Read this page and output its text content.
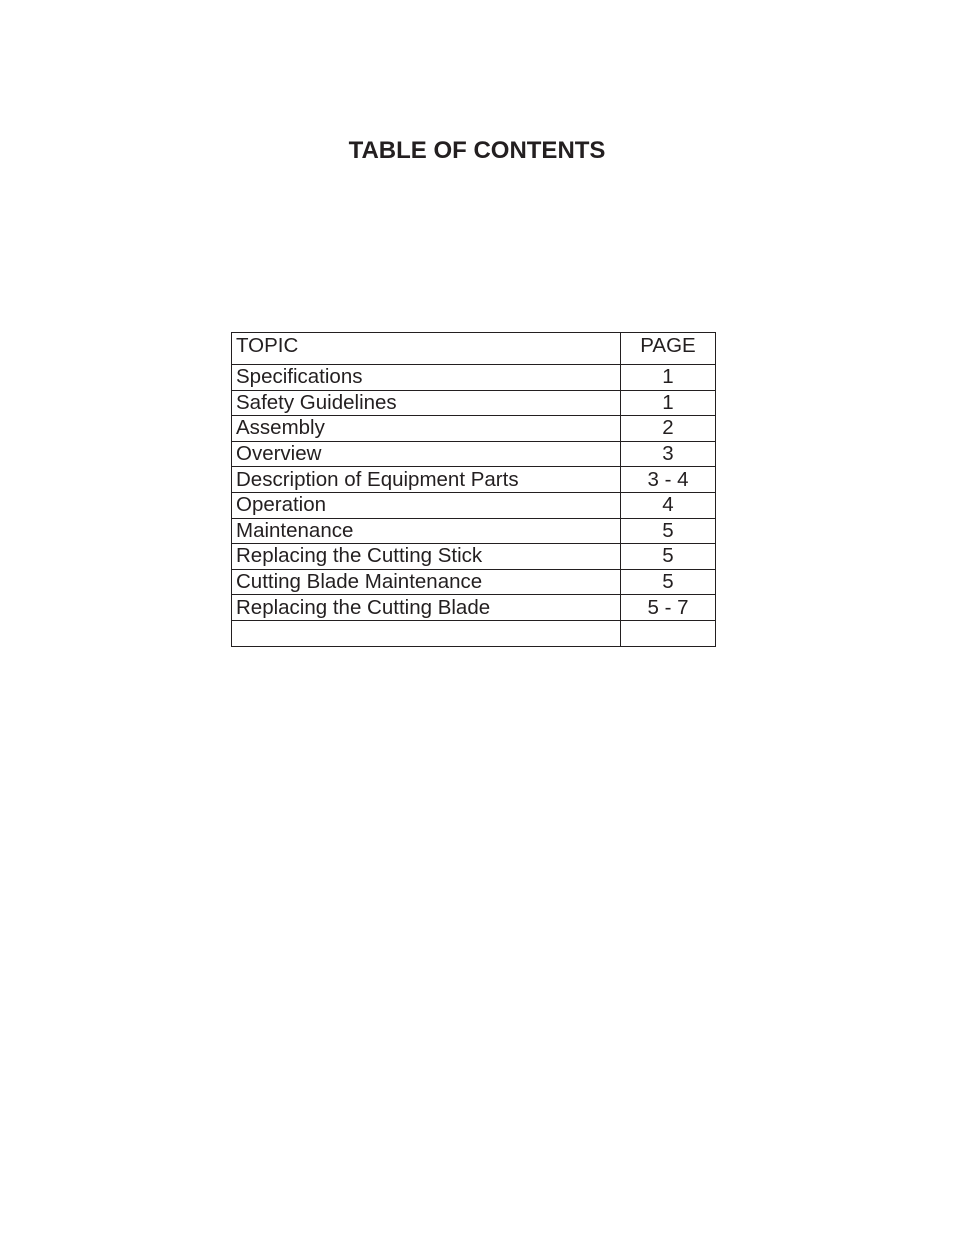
TABLE OF CONTENTS
TOPIC	PAGE
Specifications	1
Safety Guidelines	1
Assembly	2
Overview	3
Description of Equipment Parts	3 - 4
Operation	4
Maintenance	5
Replacing the Cutting Stick	5
Cutting Blade Maintenance	5
Replacing the Cutting Blade	5 - 7
